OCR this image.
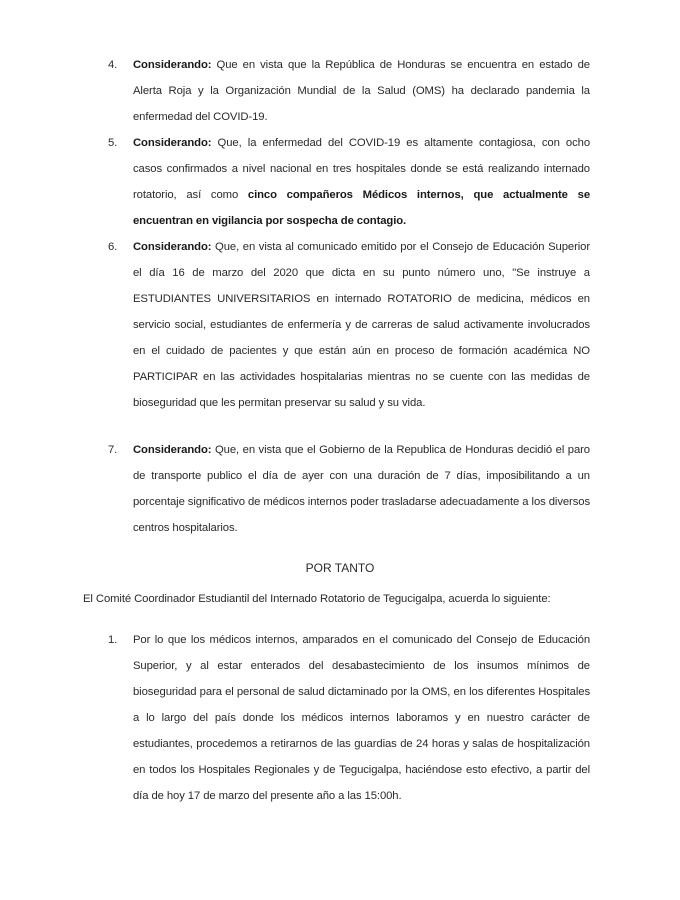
4.	Considerando: Que en vista que la República de Honduras se encuentra en estado de Alerta Roja y la Organización Mundial de la Salud (OMS) ha declarado pandemia la enfermedad del COVID-19.
5.	Considerando: Que, la enfermedad del COVID-19 es altamente contagiosa, con ocho casos confirmados a nivel nacional en tres hospitales donde se está realizando internado rotatorio, así como cinco compañeros Médicos internos, que actualmente se encuentran en vigilancia por sospecha de contagio.
6.	Considerando: Que, en vista al comunicado emitido por el Consejo de Educación Superior el día 16 de marzo del 2020 que dicta en su punto número uno, "Se instruye a ESTUDIANTES UNIVERSITARIOS en internado ROTATORIO de medicina, médicos en servicio social, estudiantes de enfermería y de carreras de salud activamente involucrados en el cuidado de pacientes y que están aún en proceso de formación académica NO PARTICIPAR en las actividades hospitalarias mientras no se cuente con las medidas de bioseguridad que les permitan preservar su salud y su vida.
7.	Considerando: Que, en vista que el Gobierno de la Republica de Honduras decidió el paro de transporte publico el día de ayer con una duración de 7 días, imposibilitando a un porcentaje significativo de médicos internos poder trasladarse adecuadamente a los diversos centros hospitalarios.
POR TANTO
El Comité Coordinador Estudiantil del Internado Rotatorio de Tegucigalpa, acuerda lo siguiente:
1.	Por lo que los médicos internos, amparados en el comunicado del Consejo de Educación Superior, y al estar enterados del desabastecimiento de los insumos mínimos de bioseguridad para el personal de salud dictaminado por la OMS, en los diferentes Hospitales a lo largo del país donde los médicos internos laboramos y en nuestro carácter de estudiantes, procedemos a retirarnos de las guardias de 24 horas y salas de hospitalización en todos los Hospitales Regionales y de Tegucigalpa, haciéndose esto efectivo, a partir del día de hoy 17 de marzo del presente año a las 15:00h.
